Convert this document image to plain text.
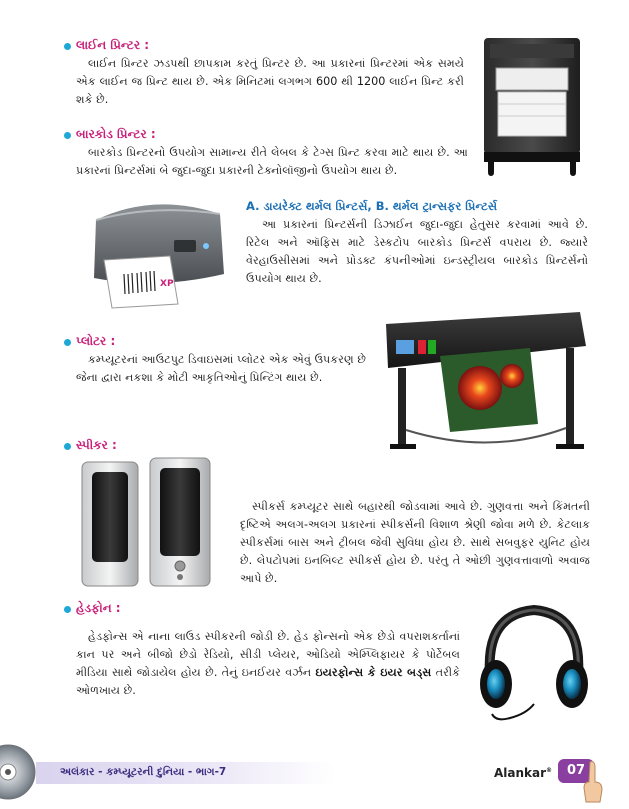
લાઈન પ્રિન્ટર :
લાઈન પ્રિન્ટર ઝડપથી છાપકામ કરતું પ્રિન્ટર છે. આ પ્રકારનાં પ્રિન્ટરમાં એક સમયે એક લાઈન જ પ્રિન્ટ થાય છે. એક મિનિટમાં લગભગ 600 થી 1200 લાઈન પ્રિન્ટ કરી શકે છે.
બારકોડ પ્રિન્ટર :
બારકોડ પ્રિન્ટરનો ઉપયોગ સામાન્ય રીતે લેબલ કે ટેગ્સ પ્રિન્ટ કરવા માટે થાય છે. આ પ્રકારનાં પ્રિન્ટર્સમાં બે જુદા-જુદા પ્રકારની ટેક્નોલૉજીનો ઉપયોગ થાય છે.
XP
A. ડાયરેક્ટ થર્મલ પ્રિન્ટર્સ, B. થર્મલ ટ્રાન્સફર પ્રિન્ટર્સ
આ પ્રકારનાં પ્રિન્ટર્સની ડિઝાઈન જુદા-જુદા હેતુસર કરવામાં આવે છે. રિટેલ અને ઑફિસ માટે ડેસ્કટોપ બારકોડ પ્રિન્ટર્સ વપરાય છે. જ્યારે વેરહાઉસીસમાં અને પ્રોડક્ટ કંપનીઓમાં ઇન્ડસ્ટ્રીયલ બારકોડ પ્રિન્ટર્સનો ઉપયોગ થાય છે.
પ્લોટર :
કમ્પ્યૂટરનાં આઉટપુટ ડિવાઇસમાં પ્લોટર એક એવું ઉપકરણ છે જેના દ્વારા નકશા કે મોટી આકૃતિઓનું પ્રિન્ટિંગ થાય છે.
સ્પીકર :
સ્પીકર્સ કમ્પ્યૂટર સાથે બહારથી જોડવામાં આવે છે. ગુણવત્તા અને કિંમતની દૃષ્ટિએ અલગ-અલગ પ્રકારનાં સ્પીકર્સની વિશાળ શ્રેણી જોવા મળે છે. કેટલાક સ્પીકર્સમાં બાસ અને ટ્રીબલ જેવી સુવિધા હોય છે. સાથે સબવુફર યુનિટ હોય છે. લેપટોપમાં ઇનબિલ્ટ સ્પીકર્સ હોય છે. પરંતુ તે ઓછી ગુણવત્તાવાળો અવાજ આપે છે.
હેડફોન :
હેડફોન્સ એ નાના લાઉડ સ્પીકરની જોડી છે. હેડ ફોન્સનો એક છેડો વપરાશકર્તાનાં કાન પર અને બીજો છેડો રેડિયો, સીડી પ્લેયર, ઓડિયો એમ્પ્લિફાયર કે પોર્ટેબલ મીડિયા સાથે જોડાયેલ હોય છે. તેનું ઇનઈયર વર્ઝન ઇયરફોન્સ કે ઇયર બડ્સ તરીકે ઓળખાય છે.
અલંકાર - કમ્પ્યૂટરની દુનિયા - ભાગ-7	Alankar®	07
